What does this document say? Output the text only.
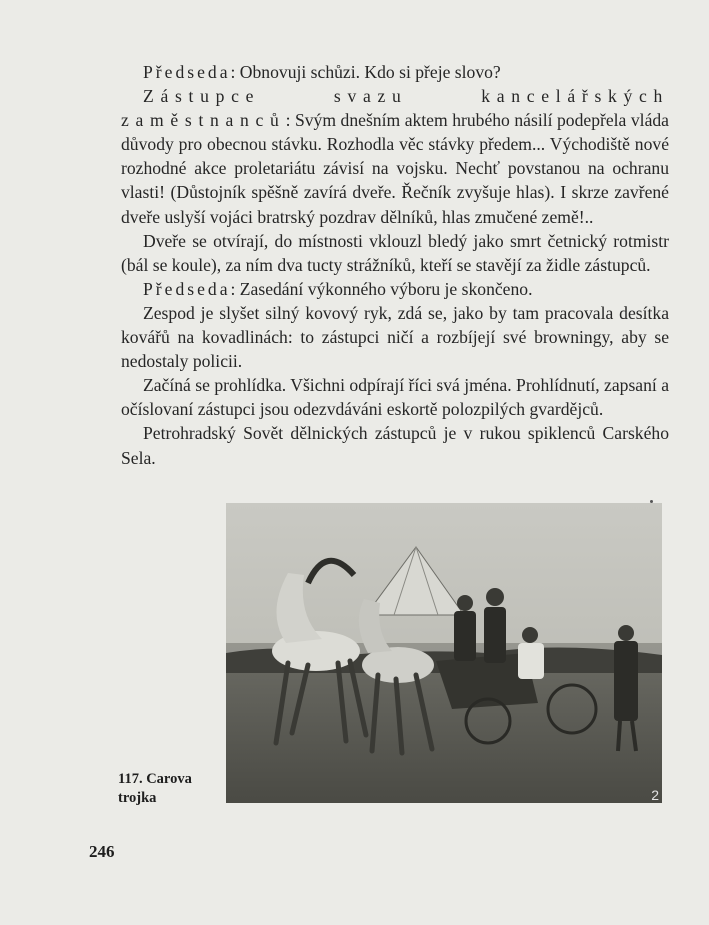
Předseda: Obnovuji schůzi. Kdo si přeje slovo?

Zástupce svazu kancelářských zaměstnanců: Svým dnešním aktem hrubého násilí podepřela vláda důvody pro obecnou stávku. Rozhodla věc stávky předem... Východiště nové rozhodné akce proletariátu závisí na vojsku. Nechť povstanou na ochranu vlasti! (Důstojník spěšně zavírá dveře. Řečník zvyšuje hlas). I skrze zavřené dveře uslyší vojáci bratrský pozdrav dělníků, hlas zmučené země!..

Dveře se otvírají, do místnosti vklouzl bledý jako smrt četnický rotmistr (bál se koule), za ním dva tucty strážníků, kteří se stavějí za židle zástupců.

Předseda: Zasedání výkonného výboru je skončeno.

Zespod je slyšet silný kovový ryk, zdá se, jako by tam pracovala desítka kovářů na kovadlinách: to zástupci ničí a rozbíjejí své browningy, aby se nedostaly policii.

Začíná se prohlídka. Všichni odpírají říci svá jména. Prohlídnutí, zapsaní a očíslovaní zástupci jsou odezvdáváni eskortě polozpilých gvardějců.

Petrohradský Sovět dělnických zástupců je v rukou spiklenců Carského Sela.

2
117. Carova trojka
246
